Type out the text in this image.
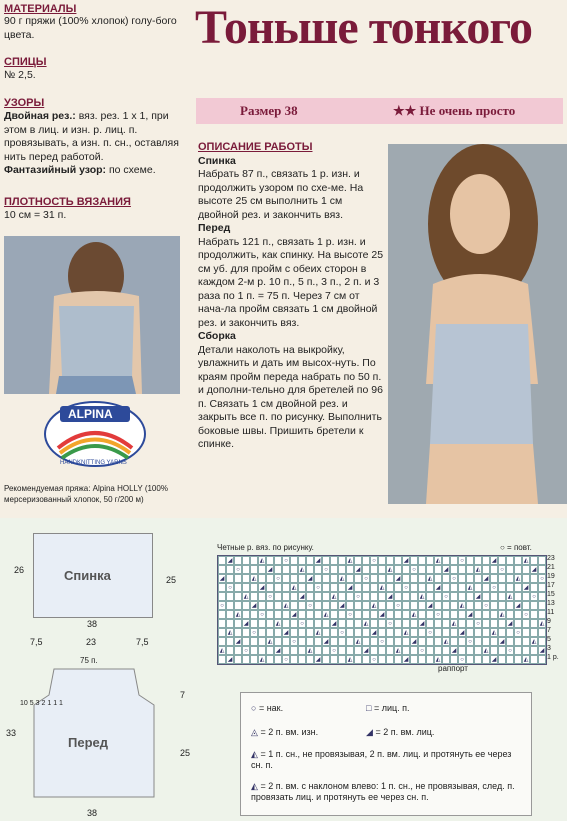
МАТЕРИАЛЫ
90 г пряжи (100% хлопок) голу-бого цвета.
СПИЦЫ
№ 2,5.
УЗОРЫ
Двойная рез.: вяз. рез. 1 х 1, при этом в лиц. и изн. р. лиц. п. провязывать, а изн. п. сн., оставляя нить перед работой.
Фантазийный узор: по схеме.
ПЛОТНОСТЬ ВЯЗАНИЯ
10 см = 31 п.
ALPINA
HANDKNITTING YARNS
Рекомендуемая пряжа: Alpina HOLLY (100% мерсеризованный хлопок, 50 г/200 м)
Тоньше тонкого
Размер 38	★★ Не очень просто
ОПИСАНИЕ РАБОТЫ
Спинка
Набрать 87 п., связать 1 р. изн. и продолжить узором по схе-ме. На высоте 25 см выполнить 1 см двойной рез. и закончить вяз.
Перед
Набрать 121 п., связать 1 р. изн. и продолжить, как спинку. На высоте 25 см уб. для пройм с обеих сторон в каждом 2-м р. 10 п., 5 п., 3 п., 2 п. и 3 раза по 1 п. = 75 п. Через 7 см от нача-ла пройм связать 1 см двойной рез. и закончить вяз.
Сборка
Детали наколоть на выкройку, увлажнить и дать им высох-нуть. По краям пройм переда набрать по 50 п. и дополни-тельно для бретелей по 96 п. Связать 1 см двойной рез. и закрыть все п. по рисунку. Выполнить боковые швы. Пришить бретели к спинке.
Спинка
26
25
38
7,5	23	7,5
75 п.
Перед
33
7
25
38
10 5 3 2 1 1 1
Четные р. вяз. по рисунку.	○ = повт.
◢	◭	○	◢	◭	○	◢	◭	○	◢	◭
○	◢	◭	○	◢	◭	○	◢	◭	○	◢
◢	◭	○	◢	◭	○	◢	◭	○	◢	◭	○
○	◢	◭	○	◢	◭	○	◢	◭	○	◢
◭	○	◢	◭	○	◢	◭	○	◢	◭	○
○	◢	◭	○	◢	◭	○	◢	◭	○	◢
◭	○	◢	◭	○	◢	◭	○	◢	◭	○
◢	◭	○	◢	◭	○	◢	◭	○	◢	◭
◭	○	◢	◭	○	◢	◭	○	◢	◭	○
◢	◭	○	◢	◭	○	◢	◭	○	◢	◭
◭	○	◢	◭	○	◢	◭	○	◢	◭	○	◢
◢	◭	○	◢	◭	○	◢	◭	○	◢	◭
23
21
19
17
15
13
11
9
7
5
3
1 р.
раппорт
○ = нак.	□ = лиц. п.
◬ = 2 п. вм. изн.	◢ = 2 п. вм. лиц.
◭ = 1 п. сн., не провязывая, 2 п. вм. лиц. и протянуть ее через сн. п.
◭ = 2 п. вм. с наклоном влево: 1 п. сн., не провязывая, след. п. провязать лиц. и протянуть ее через сн. п.
